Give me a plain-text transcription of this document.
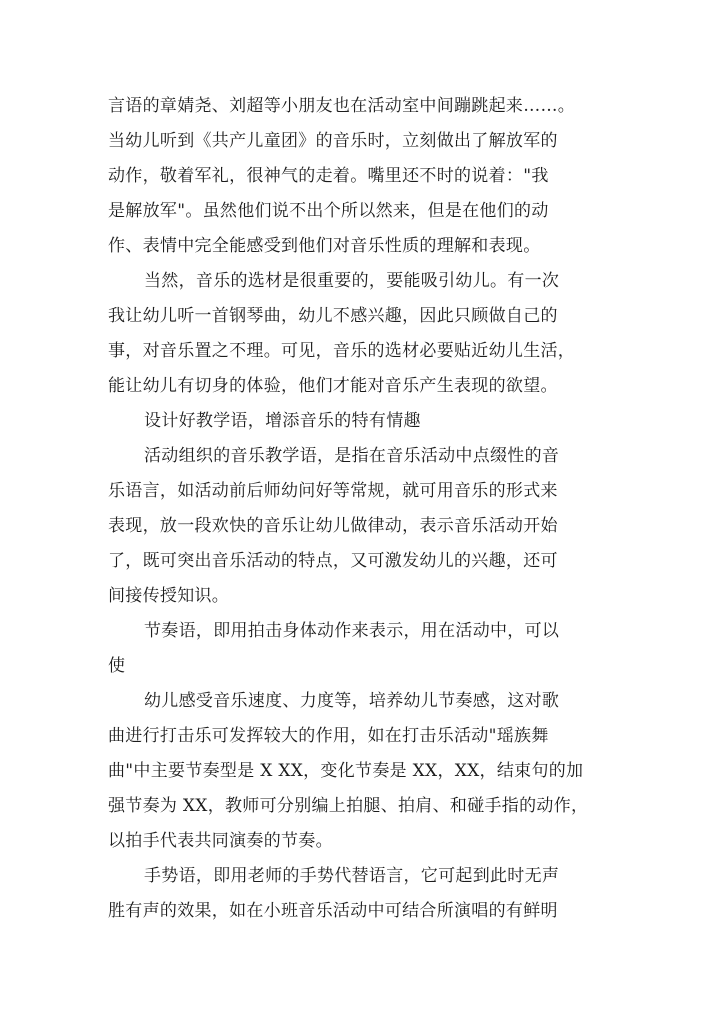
言语的章婧尧、刘超等小朋友也在活动室中间蹦跳起来……。
当幼儿听到《共产儿童团》的音乐时，立刻做出了解放军的
动作，敬着军礼，很神气的走着。嘴里还不时的说着："我
是解放军"。虽然他们说不出个所以然来，但是在他们的动
作、表情中完全能感受到他们对音乐性质的理解和表现。
当然，音乐的选材是很重要的，要能吸引幼儿。有一次
我让幼儿听一首钢琴曲，幼儿不感兴趣，因此只顾做自己的
事，对音乐置之不理。可见，音乐的选材必要贴近幼儿生活，
能让幼儿有切身的体验，他们才能对音乐产生表现的欲望。
设计好教学语，增添音乐的特有情趣
活动组织的音乐教学语，是指在音乐活动中点缀性的音
乐语言，如活动前后师幼问好等常规，就可用音乐的形式来
表现，放一段欢快的音乐让幼儿做律动，表示音乐活动开始
了，既可突出音乐活动的特点，又可激发幼儿的兴趣，还可
间接传授知识。
节奏语，即用拍击身体动作来表示，用在活动中，可以
使
幼儿感受音乐速度、力度等，培养幼儿节奏感，这对歌
曲进行打击乐可发挥较大的作用，如在打击乐活动"瑶族舞
曲"中主要节奏型是 X XX，变化节奏是 XX，XX，结束句的加
强节奏为 XX，教师可分别编上拍腿、拍肩、和碰手指的动作，
以拍手代表共同演奏的节奏。
手势语，即用老师的手势代替语言，它可起到此时无声
胜有声的效果，如在小班音乐活动中可结合所演唱的有鲜明
